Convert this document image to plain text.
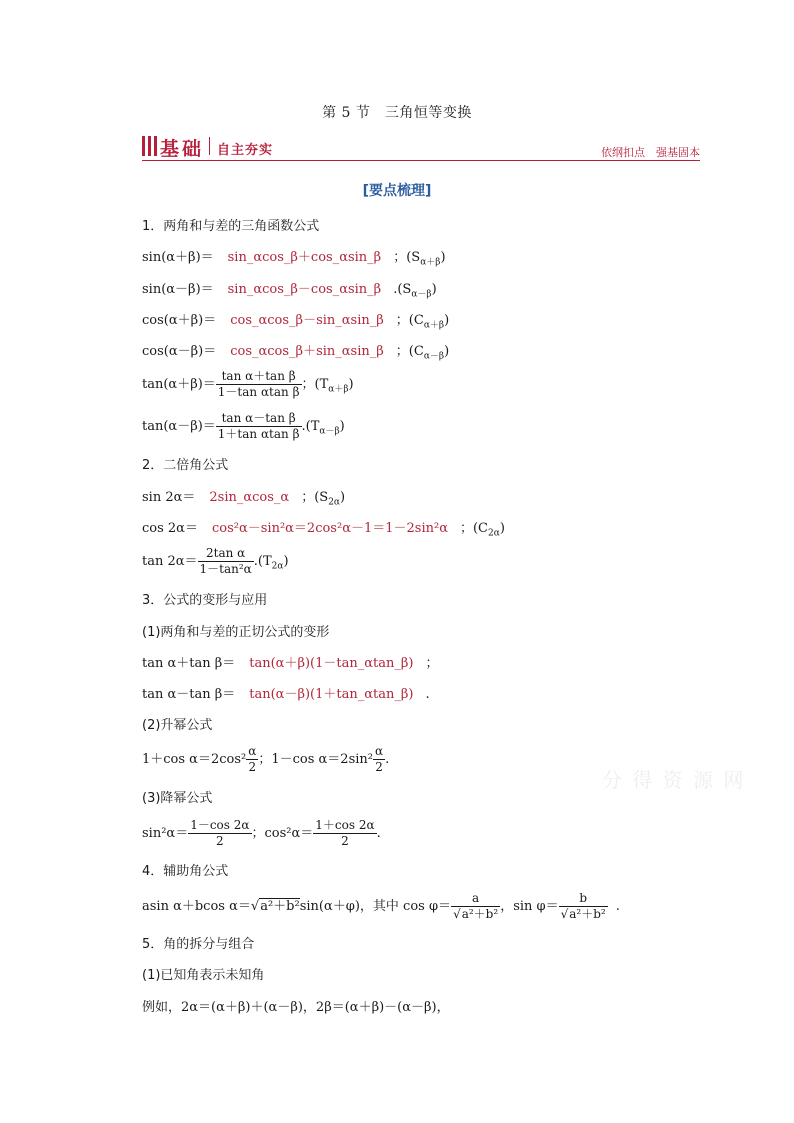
第 5 节　三角恒等变换
基础 自主夯实	依纲扣点　强基固本
[要点梳理]
1．两角和与差的三角函数公式
sin(α＋β)＝ sin_αcos_β＋cos_αsin_β ；$(S_{\alpha+\beta})$
sin(α－β)＝ sin_αcos_β－cos_αsin_β $.(S_{\alpha-\beta})$
cos(α＋β)＝ cos_αcos_β－sin_αsin_β ；$(C_{\alpha+\beta})$
cos(α－β)＝ cos_αcos_β＋sin_αsin_β ；$(C_{\alpha-\beta})$
$\tan(\alpha+\beta)= \frac{\text{tan α＋tan β}}{\text{1－tan αtan β}}$ ；$(T_{\alpha+\beta})$
$\tan(\alpha-\beta)= \frac{\text{tan α－tan β}}{\text{1＋tan αtan β}} .(T_{\alpha-\beta})$
2．二倍角公式
sin 2α＝ 2sin_αcos_α ；$(S_{2\alpha})$
cos 2α＝ cos²α－sin²α＝2cos²α－1＝1－2sin²α ；$(C_{2\alpha})$
$\tan 2\alpha= \frac{\text{2tan α}}{\text{1－tan²α}} .(T_{2\alpha})$
3．公式的变形与应用
(1)两角和与差的正切公式的变形
tan α＋tan β＝ tan(α＋β)(1－tan_αtan_β) ；
tan α－tan β＝ tan(α－β)(1＋tan_αtan_β) .
(2)升幂公式
1＋cos $\alpha=2\cos^2 \frac{\alpha}{2}$ ；1－cos $\alpha=2\sin^2 \frac{\alpha}{2}$ .
(3)降幂公式
$\sin^2\alpha= \frac{1-\cos 2\alpha}{2}$ ；$\cos^2\alpha= \frac{1+\cos 2\alpha}{2}$ .
4．辅助角公式
asin α＋bcos α＝√a²＋b²sin(α＋φ)，其中 $\cos \varphi= \frac{a}{\text{√a²＋b²}}$ ，$\sin \varphi= \frac{b}{\text{√a²＋b²}}$ .
5．角的拆分与组合
(1)已知角表示未知角
例如，2α＝(α＋β)＋(α－β)，2β＝(α＋β)－(α－β)，
分 得 资 源 网
